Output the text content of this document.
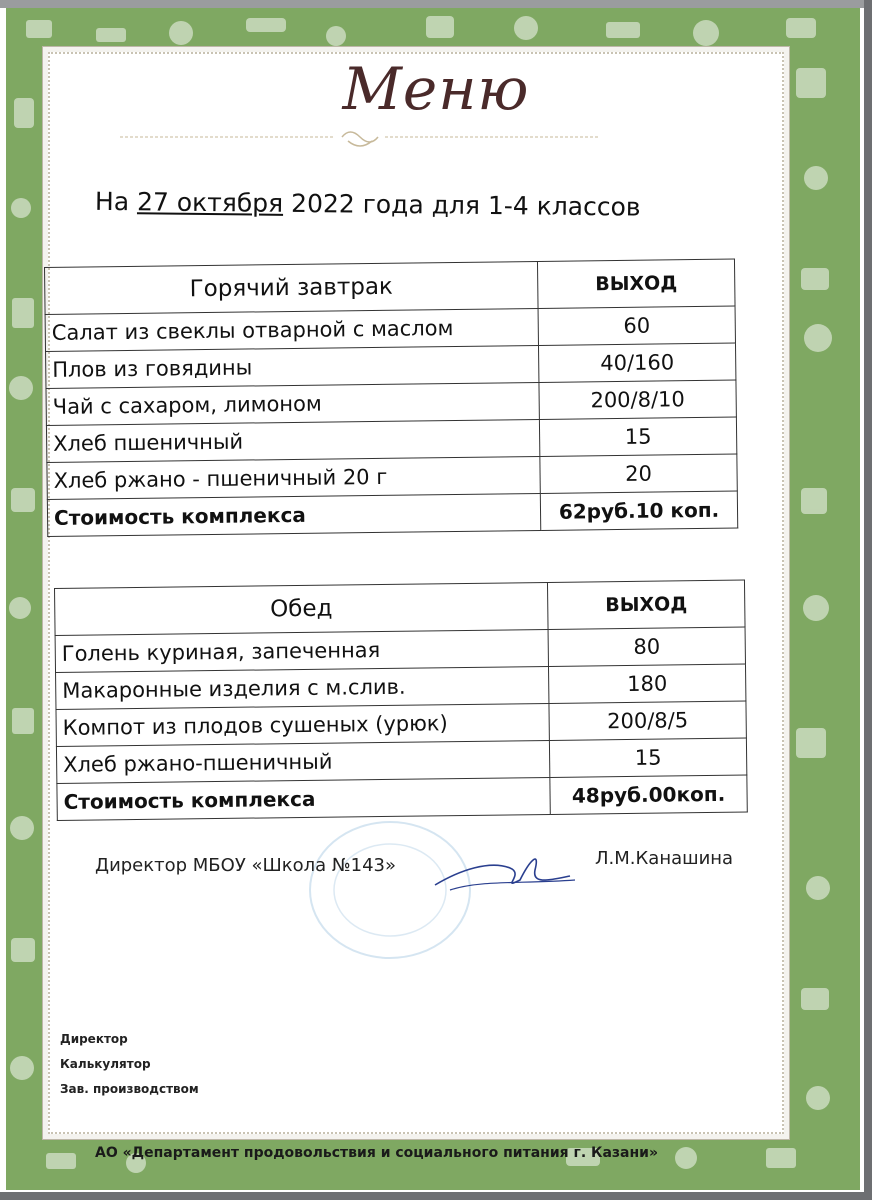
Меню
На 27 октября 2022 года для 1-4 классов
Горячий завтрак	ВЫХОД
Салат из свеклы отварной с маслом	60
Плов из говядины	40/160
Чай с сахаром, лимоном	200/8/10
Хлеб пшеничный	15
Хлеб ржано - пшеничный 20 г	20
Стоимость комплекса	62руб.10 коп.
Обед	ВЫХОД
Голень куриная, запеченная	80
Макаронные изделия с м.слив.	180
Компот из плодов сушеных (урюк)	200/8/5
Хлеб ржано-пшеничный	15
Стоимость комплекса	48руб.00коп.
Директор МБОУ «Школа №143»	Л.М.Канашина
Директор
Калькулятор
Зав. производством
АО «Департамент продовольствия и социального питания г. Казани»
